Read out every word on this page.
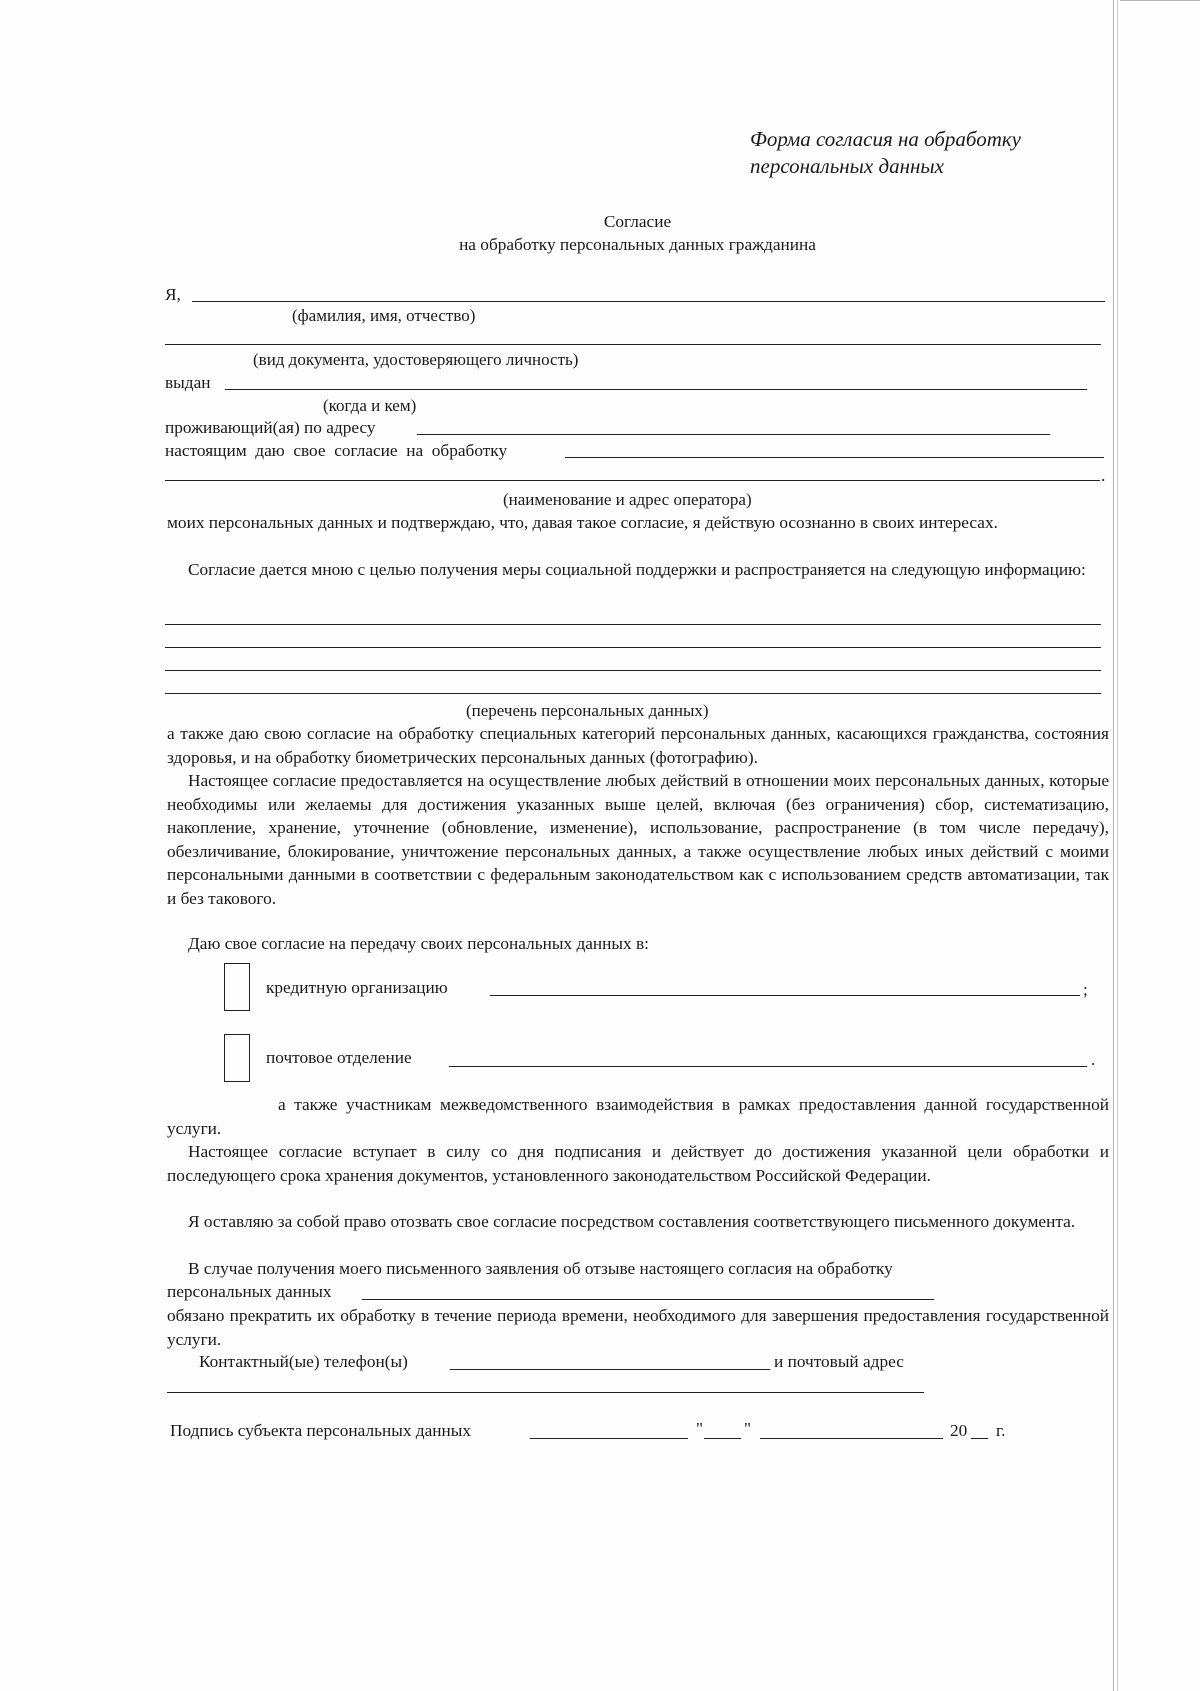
Форма согласия на обработку
персональных данных
Согласие
на обработку персональных данных гражданина
Я,
(фамилия, имя, отчество)
(вид документа, удостоверяющего личность)
выдан
(когда и кем)
проживающий(ая) по адресу
настоящим  даю  свое  согласие  на  обработку
.
(наименование и адрес оператора)
моих персональных данных и подтверждаю, что, давая такое согласие, я действую осознанно в своих интересах.
Согласие дается мною с целью получения меры социальной поддержки и распространяется на следующую информацию:
(перечень персональных данных)
а также даю свою согласие на обработку специальных категорий персональных данных, касающихся гражданства, состояния здоровья, и на обработку биометрических персональных данных (фотографию).
Настоящее согласие предоставляется на осуществление любых действий в отношении моих персональных данных, которые необходимы или желаемы для достижения указанных выше целей, включая (без ограничения) сбор, систематизацию, накопление, хранение, уточнение (обновление, изменение), использование, распространение (в том числе передачу), обезличивание, блокирование, уничтожение персональных данных, а также осуществление любых иных действий с моими персональными данными в соответствии с федеральным законодательством как с использованием средств автоматизации, так и без такового.
Даю свое согласие на передачу своих персональных данных в:
кредитную организацию	;
почтовое отделение	.
а также участникам межведомственного взаимодействия в рамках предоставления данной государственной услуги.
Настоящее согласие вступает в силу со дня подписания и действует до достижения указанной цели обработки и последующего срока хранения документов, установленного законодательством Российской Федерации.
Я оставляю за собой право отозвать свое согласие посредством составления соответствующего письменного документа.
В случае получения моего письменного заявления об отзыве настоящего согласия на обработку
персональных данных
обязано прекратить их обработку в течение периода времени, необходимого для завершения предоставления государственной услуги.
Контактный(ые) телефон(ы)	и почтовый адрес
Подпись субъекта персональных данных	" "	20 г.
